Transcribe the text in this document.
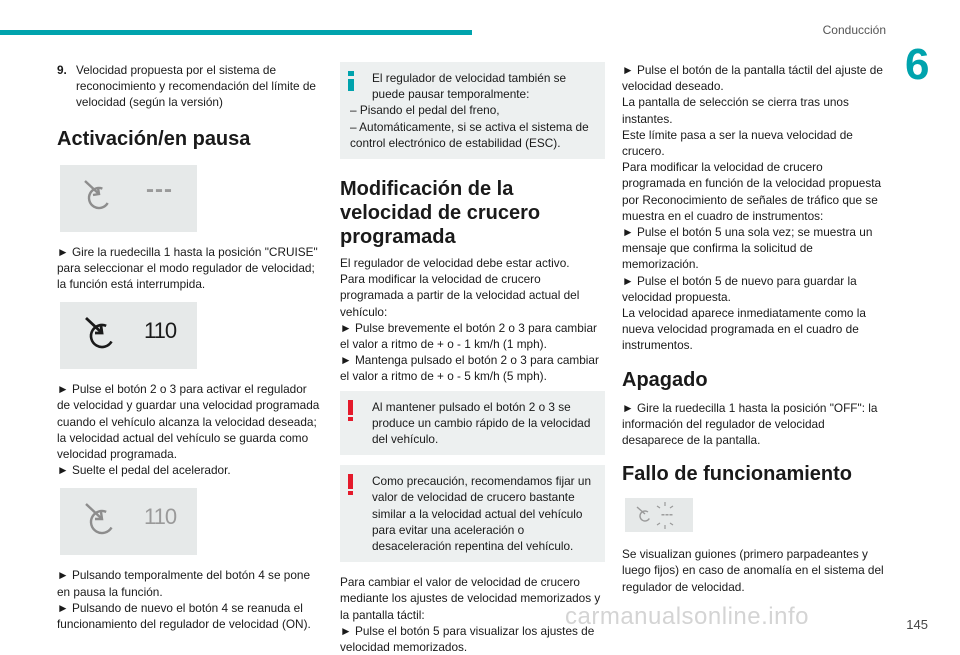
Conducción
6
9. Velocidad propuesta por el sistema de reconocimiento y recomendación del límite de velocidad (según la versión)
Activación/en pausa
---

► Gire la ruedecilla 1 hasta la posición "CRUISE" para seleccionar el modo regulador de velocidad; la función está interrumpida.

110

► Pulse el botón 2 o 3 para activar el regulador de velocidad y guardar una velocidad programada cuando el vehículo alcanza la velocidad deseada; la velocidad actual del vehículo se guarda como velocidad programada.

► Suelte el pedal del acelerador.

110

► Pulsando temporalmente del botón 4 se pone en pausa la función.

► Pulsando de nuevo el botón 4 se reanuda el funcionamiento del regulador de velocidad (ON).

El regulador de velocidad también se puede pausar temporalmente:

– Pisando el pedal del freno,

– Automáticamente, si se activa el sistema de control electrónico de estabilidad (ESC).

Modificación de la velocidad de crucero programada

El regulador de velocidad debe estar activo.

Para modificar la velocidad de crucero programada a partir de la velocidad actual del vehículo:

► Pulse brevemente el botón 2 o 3 para cambiar el valor a ritmo de + o - 1 km/h (1 mph).

► Mantenga pulsado el botón 2 o 3 para cambiar el valor a ritmo de + o - 5 km/h (5 mph).

Al mantener pulsado el botón 2 o 3 se produce un cambio rápido de la velocidad del vehículo.

Como precaución, recomendamos fijar un valor de velocidad de crucero bastante similar a la velocidad actual del vehículo para evitar una aceleración o desaceleración repentina del vehículo.

Para cambiar el valor de velocidad de crucero mediante los ajustes de velocidad memorizados y la pantalla táctil:

► Pulse el botón 5 para visualizar los ajustes de velocidad memorizados.

► Pulse el botón de la pantalla táctil del ajuste de velocidad deseado.

La pantalla de selección se cierra tras unos instantes.

Este límite pasa a ser la nueva velocidad de crucero.

Para modificar la velocidad de crucero programada en función de la velocidad propuesta por Reconocimiento de señales de tráfico que se muestra en el cuadro de instrumentos:

► Pulse el botón 5 una sola vez; se muestra un mensaje que confirma la solicitud de memorización.

► Pulse el botón 5 de nuevo para guardar la velocidad propuesta.

La velocidad aparece inmediatamente como la nueva velocidad programada en el cuadro de instrumentos.

Apagado

► Gire la ruedecilla 1 hasta la posición "OFF": la información del regulador de velocidad desaparece de la pantalla.

Fallo de funcionamiento
---

Se visualizan guiones (primero parpadeantes y luego fijos) en caso de anomalía en el sistema del regulador de velocidad.

carmanualsonline.info	145
